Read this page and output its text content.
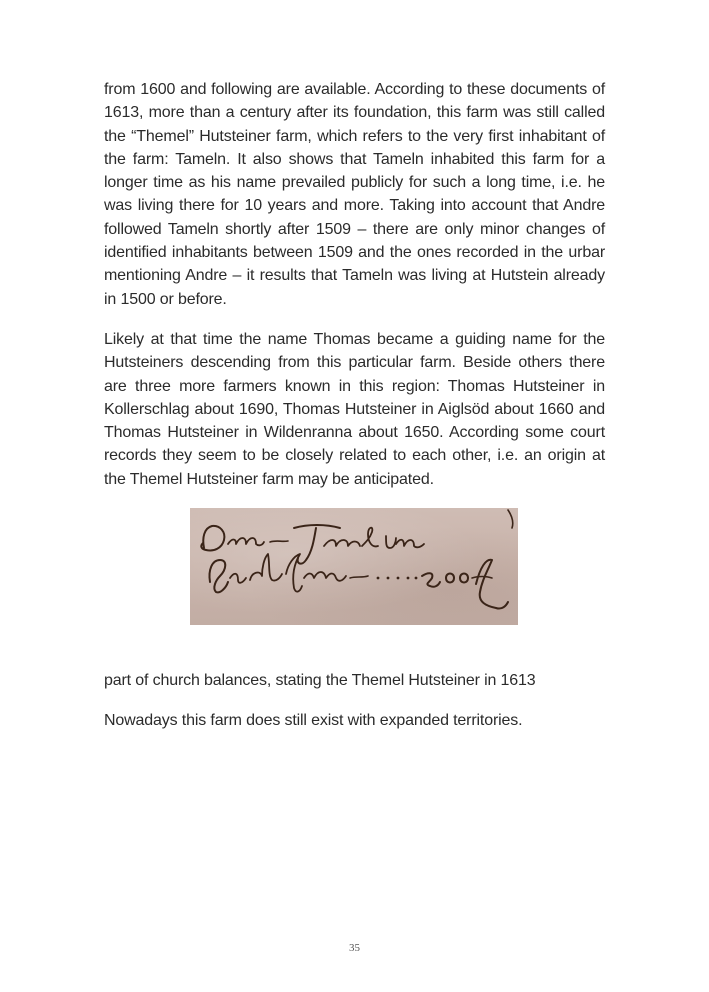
from 1600 and following are available. According to these documents of 1613, more than a century after its foundation, this farm was still called the “Themel” Hutsteiner farm, which refers to the very first inhabitant of the farm: Tameln. It also shows that Tameln inhabited this farm for a longer time as his name prevailed publicly for such a long time, i.e. he was living there for 10 years and more. Taking into account that Andre followed Tameln shortly after 1509 – there are only minor changes of identified inhabitants between 1509 and the ones recorded in the urbar mentioning Andre – it results that Tameln was living at Hutstein already in 1500 or before.

Likely at that time the name Thomas became a guiding name for the Hutsteiners descending from this particular farm. Beside others there are three more farmers known in this region: Thomas Hutsteiner in Kollerschlag about 1690, Thomas Hutsteiner in Aiglsöd about 1660 and Thomas Hutsteiner in Wildenranna about 1650. According some court records they seem to be closely related to each other, i.e. an origin at the Themel Hutsteiner farm may be anticipated.

part of church balances, stating the Themel Hutsteiner in 1613

Nowadays this farm does still exist with expanded territories.

35
